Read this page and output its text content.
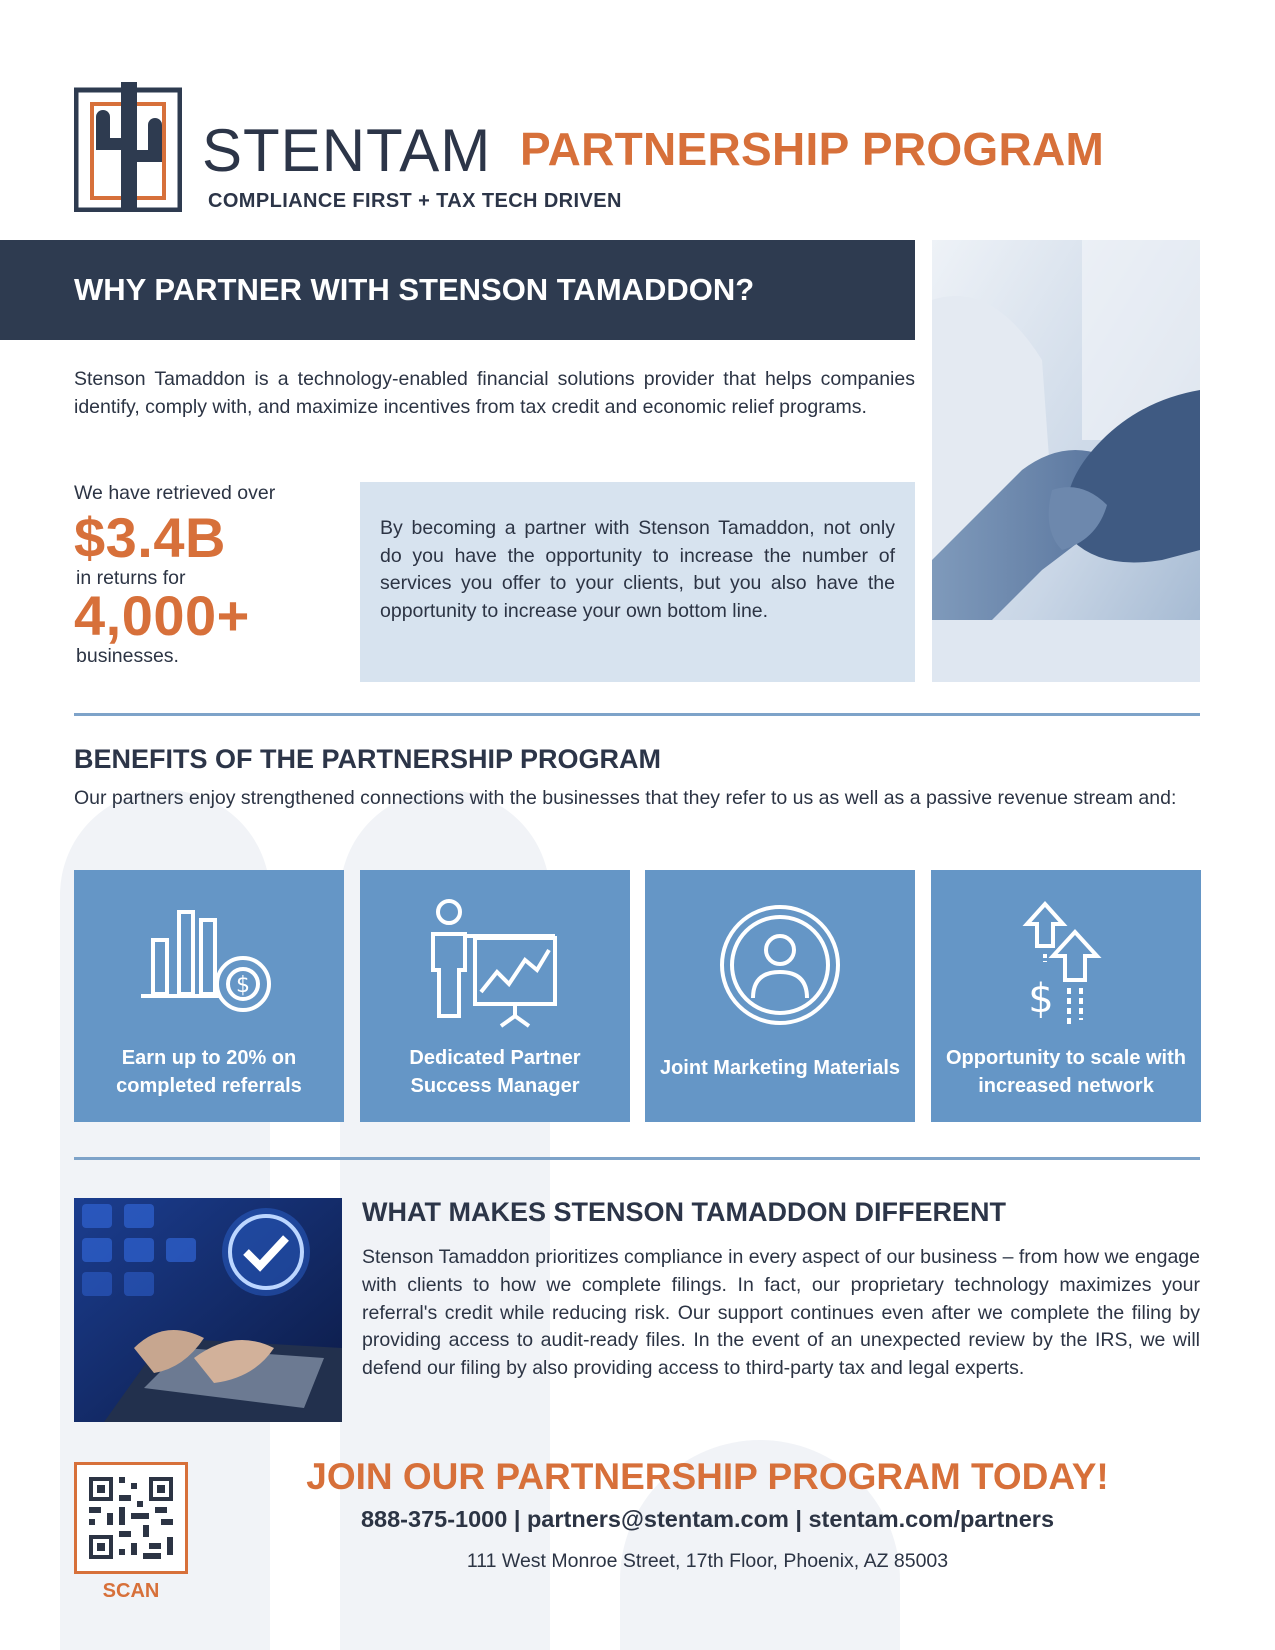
STENTAM
COMPLIANCE FIRST + TAX TECH DRIVEN
PARTNERSHIP PROGRAM
WHY PARTNER WITH STENSON TAMADDON?
Stenson Tamaddon is a technology-enabled financial solutions provider that helps companies identify, comply with, and maximize incentives from tax credit and economic relief programs.
We have retrieved over
$3.4B
in returns for
4,000+
businesses.
By becoming a partner with Stenson Tamaddon, not only do you have the opportunity to increase the number of services you offer to your clients, but you also have the opportunity to increase your own bottom line.
BENEFITS OF THE PARTNERSHIP PROGRAM
Our partners enjoy strengthened connections with the businesses that they refer to us as well as a passive revenue stream and:
$
Earn up to 20% on completed referrals
Dedicated Partner Success Manager
Joint Marketing Materials
$
Opportunity to scale with increased network
WHAT MAKES STENSON TAMADDON DIFFERENT
Stenson Tamaddon prioritizes compliance in every aspect of our business – from how we engage with clients to how we complete filings. In fact, our proprietary technology maximizes your referral's credit while reducing risk. Our support continues even after we complete the filing by providing access to audit-ready files. In the event of an unexpected review by the IRS, we will defend our filing by also providing access to third-party tax and legal experts.
SCAN
JOIN OUR PARTNERSHIP PROGRAM TODAY!
888-375-1000 | partners@stentam.com | stentam.com/partners
111 West Monroe Street, 17th Floor, Phoenix, AZ 85003
